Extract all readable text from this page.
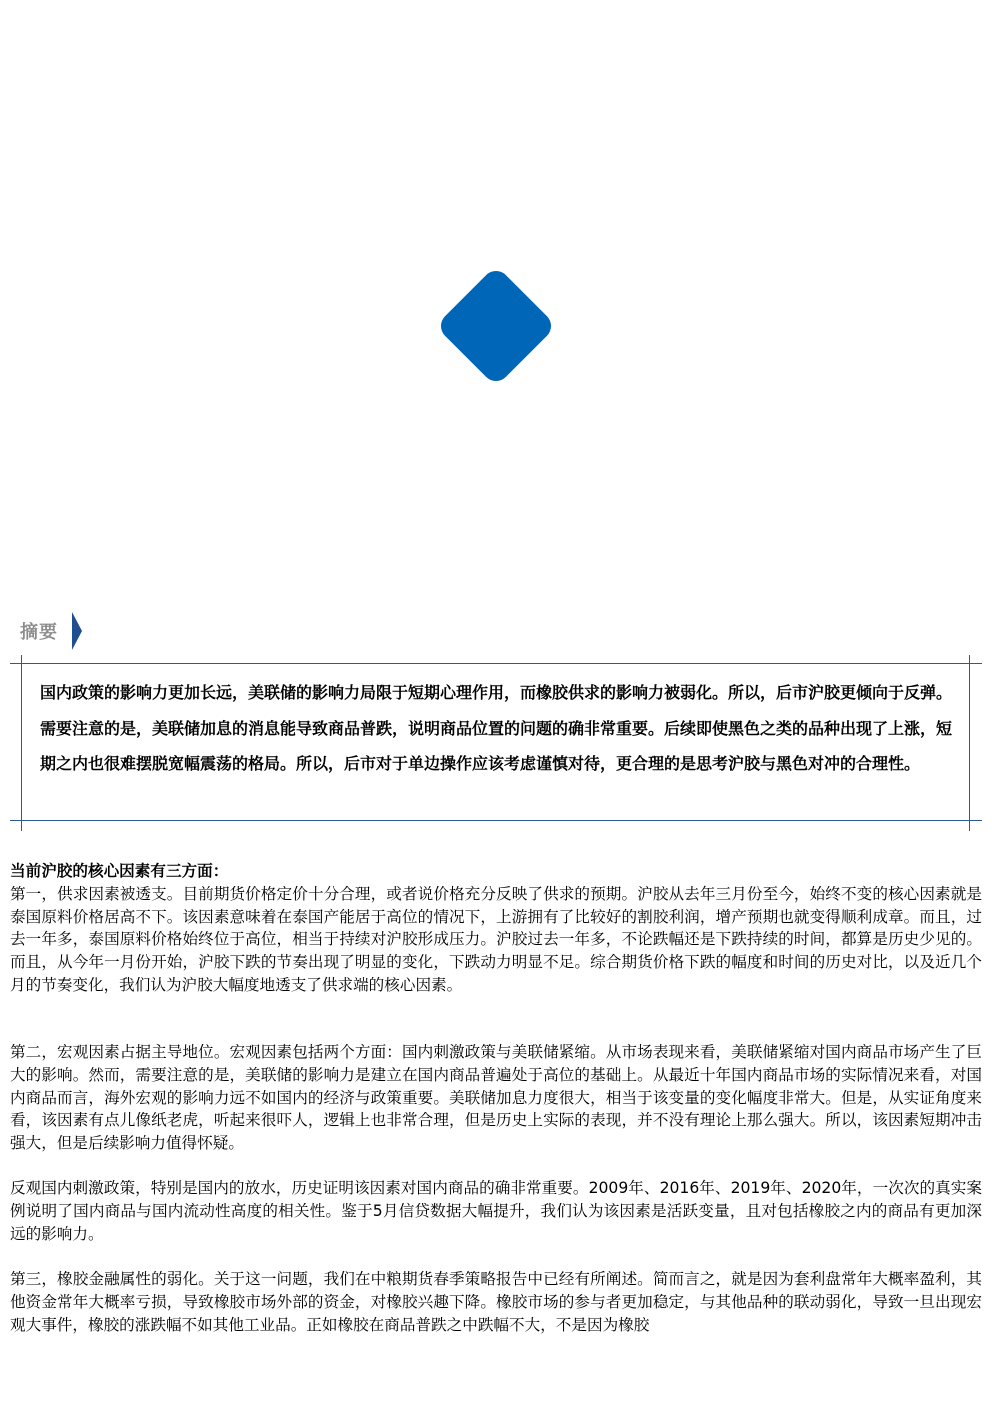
摘要
国内政策的影响力更加长远，美联储的影响力局限于短期心理作用，而橡胶供求的影响力被弱化。所以，后市沪胶更倾向于反弹。需要注意的是，美联储加息的消息能导致商品普跌，说明商品位置的问题的确非常重要。后续即使黑色之类的品种出现了上涨，短期之内也很难摆脱宽幅震荡的格局。所以，后市对于单边操作应该考虑谨慎对待，更合理的是思考沪胶与黑色对冲的合理性。

当前沪胶的核心因素有三方面：

第一，供求因素被透支。目前期货价格定价十分合理，或者说价格充分反映了供求的预期。沪胶从去年三月份至今，始终不变的核心因素就是泰国原料价格居高不下。该因素意味着在泰国产能居于高位的情况下，上游拥有了比较好的割胶利润，增产预期也就变得顺利成章。而且，过去一年多，泰国原料价格始终位于高位，相当于持续对沪胶形成压力。沪胶过去一年多，不论跌幅还是下跌持续的时间，都算是历史少见的。而且，从今年一月份开始，沪胶下跌的节奏出现了明显的变化，下跌动力明显不足。综合期货价格下跌的幅度和时间的历史对比，以及近几个月的节奏变化，我们认为沪胶大幅度地透支了供求端的核心因素。

第二，宏观因素占据主导地位。宏观因素包括两个方面：国内刺激政策与美联储紧缩。从市场表现来看，美联储紧缩对国内商品市场产生了巨大的影响。然而，需要注意的是，美联储的影响力是建立在国内商品普遍处于高位的基础上。从最近十年国内商品市场的实际情况来看，对国内商品而言，海外宏观的影响力远不如国内的经济与政策重要。美联储加息力度很大，相当于该变量的变化幅度非常大。但是，从实证角度来看，该因素有点儿像纸老虎，听起来很吓人，逻辑上也非常合理，但是历史上实际的表现，并不没有理论上那么强大。所以，该因素短期冲击强大，但是后续影响力值得怀疑。

反观国内刺激政策，特别是国内的放水，历史证明该因素对国内商品的确非常重要。2009年、2016年、2019年、2020年，一次次的真实案例说明了国内商品与国内流动性高度的相关性。鉴于5月信贷数据大幅提升，我们认为该因素是活跃变量，且对包括橡胶之内的商品有更加深远的影响力。

第三，橡胶金融属性的弱化。关于这一问题，我们在中粮期货春季策略报告中已经有所阐述。简而言之，就是因为套利盘常年大概率盈利，其他资金常年大概率亏损，导致橡胶市场外部的资金，对橡胶兴趣下降。橡胶市场的参与者更加稳定，与其他品种的联动弱化，导致一旦出现宏观大事件，橡胶的涨跌幅不如其他工业品。正如橡胶在商品普跌之中跌幅不大，不是因为橡胶
